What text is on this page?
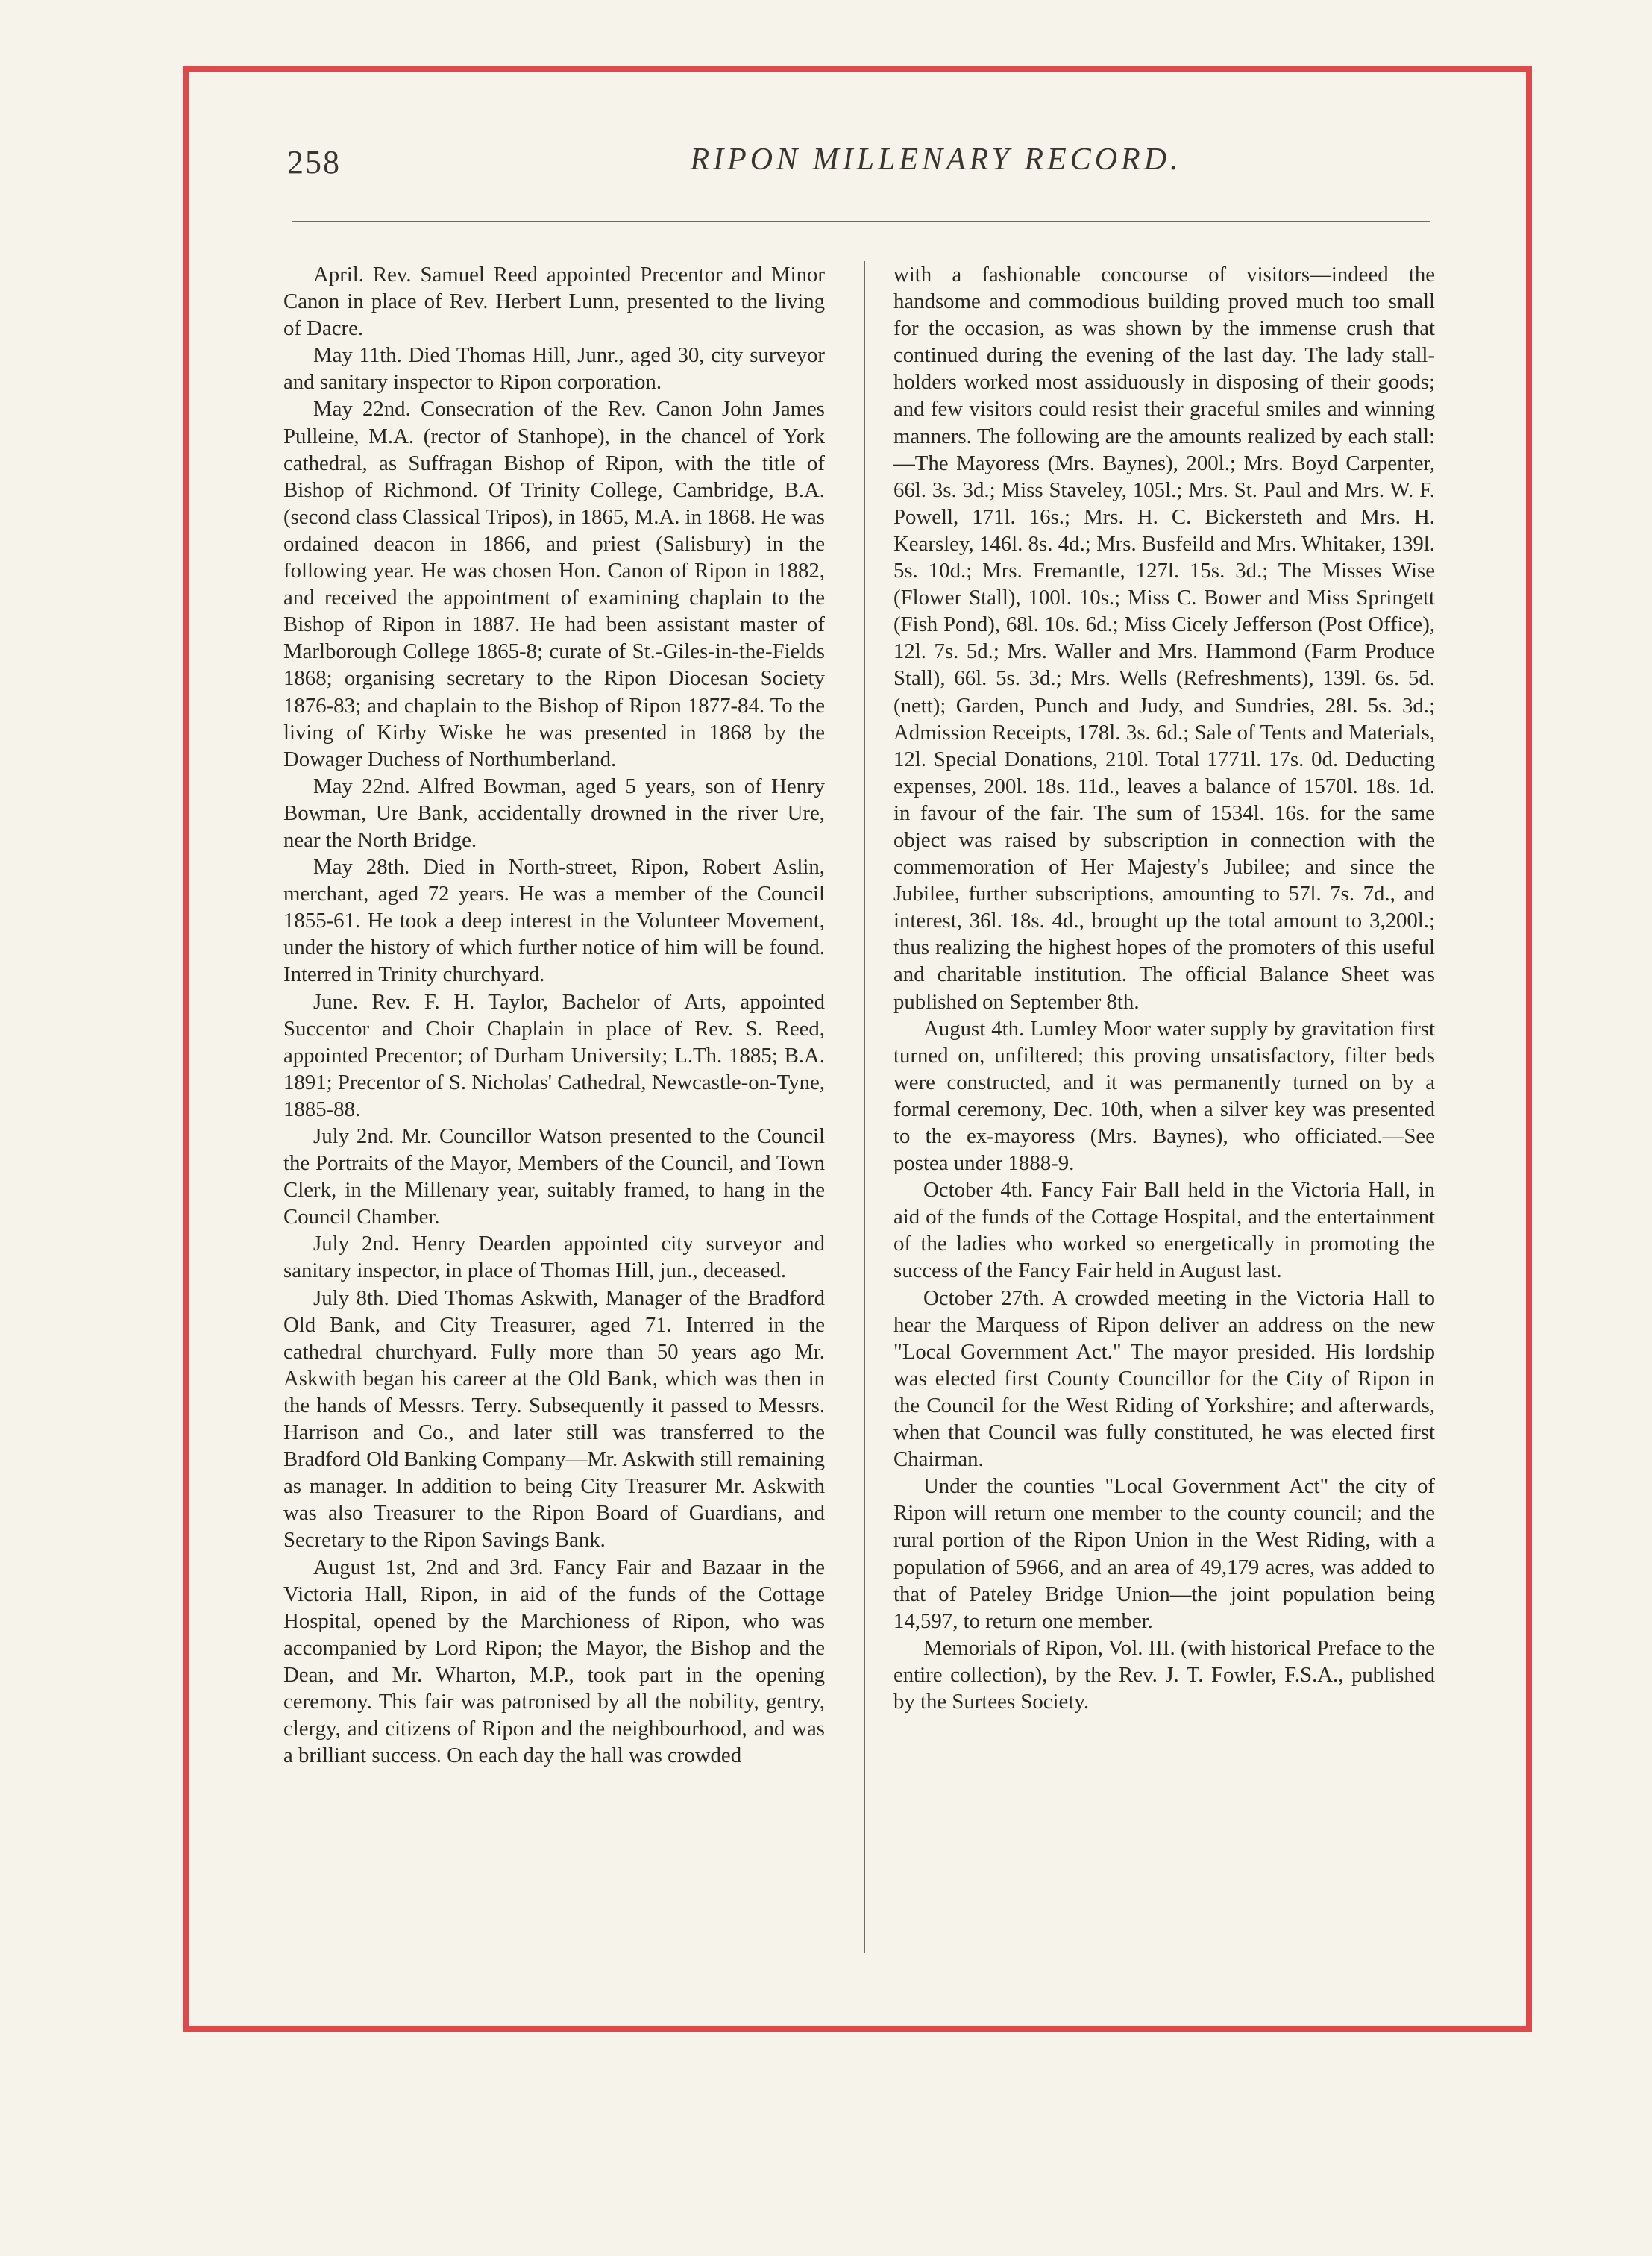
258	RIPON MILLENARY RECORD.

April. Rev. Samuel Reed appointed Precentor and Minor Canon in place of Rev. Herbert Lunn, presented to the living of Dacre.

May 11th. Died Thomas Hill, Junr., aged 30, city surveyor and sanitary inspector to Ripon corporation.

May 22nd. Consecration of the Rev. Canon John James Pulleine, M.A. (rector of Stanhope), in the chancel of York cathedral, as Suffragan Bishop of Ripon, with the title of Bishop of Richmond. Of Trinity College, Cambridge, B.A. (second class Classical Tripos), in 1865, M.A. in 1868. He was ordained deacon in 1866, and priest (Salisbury) in the following year. He was chosen Hon. Canon of Ripon in 1882, and received the appointment of examining chaplain to the Bishop of Ripon in 1887. He had been assistant master of Marlborough College 1865-8; curate of St.-Giles-in-the-Fields 1868; organising secretary to the Ripon Diocesan Society 1876-83; and chaplain to the Bishop of Ripon 1877-84. To the living of Kirby Wiske he was presented in 1868 by the Dowager Duchess of Northumberland.

May 22nd. Alfred Bowman, aged 5 years, son of Henry Bowman, Ure Bank, accidentally drowned in the river Ure, near the North Bridge.

May 28th. Died in North-street, Ripon, Robert Aslin, merchant, aged 72 years. He was a member of the Council 1855-61. He took a deep interest in the Volunteer Movement, under the history of which further notice of him will be found. Interred in Trinity churchyard.

June. Rev. F. H. Taylor, Bachelor of Arts, appointed Succentor and Choir Chaplain in place of Rev. S. Reed, appointed Precentor; of Durham University; L.Th. 1885; B.A. 1891; Precentor of S. Nicholas' Cathedral, Newcastle-on-Tyne, 1885-88.

July 2nd. Mr. Councillor Watson presented to the Council the Portraits of the Mayor, Members of the Council, and Town Clerk, in the Millenary year, suitably framed, to hang in the Council Chamber.

July 2nd. Henry Dearden appointed city surveyor and sanitary inspector, in place of Thomas Hill, jun., deceased.

July 8th. Died Thomas Askwith, Manager of the Bradford Old Bank, and City Treasurer, aged 71. Interred in the cathedral churchyard. Fully more than 50 years ago Mr. Askwith began his career at the Old Bank, which was then in the hands of Messrs. Terry. Subsequently it passed to Messrs. Harrison and Co., and later still was transferred to the Bradford Old Banking Company—Mr. Askwith still remaining as manager. In addition to being City Treasurer Mr. Askwith was also Treasurer to the Ripon Board of Guardians, and Secretary to the Ripon Savings Bank.

August 1st, 2nd and 3rd. Fancy Fair and Bazaar in the Victoria Hall, Ripon, in aid of the funds of the Cottage Hospital, opened by the Marchioness of Ripon, who was accompanied by Lord Ripon; the Mayor, the Bishop and the Dean, and Mr. Wharton, M.P., took part in the opening ceremony. This fair was patronised by all the nobility, gentry, clergy, and citizens of Ripon and the neighbourhood, and was a brilliant success. On each day the hall was crowded

with a fashionable concourse of visitors—indeed the handsome and commodious building proved much too small for the occasion, as was shown by the immense crush that continued during the evening of the last day. The lady stall-holders worked most assiduously in disposing of their goods; and few visitors could resist their graceful smiles and winning manners. The following are the amounts realized by each stall:—The Mayoress (Mrs. Baynes), 200l.; Mrs. Boyd Carpenter, 66l. 3s. 3d.; Miss Staveley, 105l.; Mrs. St. Paul and Mrs. W. F. Powell, 171l. 16s.; Mrs. H. C. Bickersteth and Mrs. H. Kearsley, 146l. 8s. 4d.; Mrs. Busfeild and Mrs. Whitaker, 139l. 5s. 10d.; Mrs. Fremantle, 127l. 15s. 3d.; The Misses Wise (Flower Stall), 100l. 10s.; Miss C. Bower and Miss Springett (Fish Pond), 68l. 10s. 6d.; Miss Cicely Jefferson (Post Office), 12l. 7s. 5d.; Mrs. Waller and Mrs. Hammond (Farm Produce Stall), 66l. 5s. 3d.; Mrs. Wells (Refreshments), 139l. 6s. 5d. (nett); Garden, Punch and Judy, and Sundries, 28l. 5s. 3d.; Admission Receipts, 178l. 3s. 6d.; Sale of Tents and Materials, 12l. Special Donations, 210l. Total 1771l. 17s. 0d. Deducting expenses, 200l. 18s. 11d., leaves a balance of 1570l. 18s. 1d. in favour of the fair. The sum of 1534l. 16s. for the same object was raised by subscription in connection with the commemoration of Her Majesty's Jubilee; and since the Jubilee, further subscriptions, amounting to 57l. 7s. 7d., and interest, 36l. 18s. 4d., brought up the total amount to 3,200l.; thus realizing the highest hopes of the promoters of this useful and charitable institution. The official Balance Sheet was published on September 8th.

August 4th. Lumley Moor water supply by gravitation first turned on, unfiltered; this proving unsatisfactory, filter beds were constructed, and it was permanently turned on by a formal ceremony, Dec. 10th, when a silver key was presented to the ex-mayoress (Mrs. Baynes), who officiated.—See postea under 1888-9.

October 4th. Fancy Fair Ball held in the Victoria Hall, in aid of the funds of the Cottage Hospital, and the entertainment of the ladies who worked so energetically in promoting the success of the Fancy Fair held in August last.

October 27th. A crowded meeting in the Victoria Hall to hear the Marquess of Ripon deliver an address on the new "Local Government Act." The mayor presided. His lordship was elected first County Councillor for the City of Ripon in the Council for the West Riding of Yorkshire; and afterwards, when that Council was fully constituted, he was elected first Chairman.

Under the counties "Local Government Act" the city of Ripon will return one member to the county council; and the rural portion of the Ripon Union in the West Riding, with a population of 5966, and an area of 49,179 acres, was added to that of Pateley Bridge Union—the joint population being 14,597, to return one member.

Memorials of Ripon, Vol. III. (with historical Preface to the entire collection), by the Rev. J. T. Fowler, F.S.A., published by the Surtees Society.
